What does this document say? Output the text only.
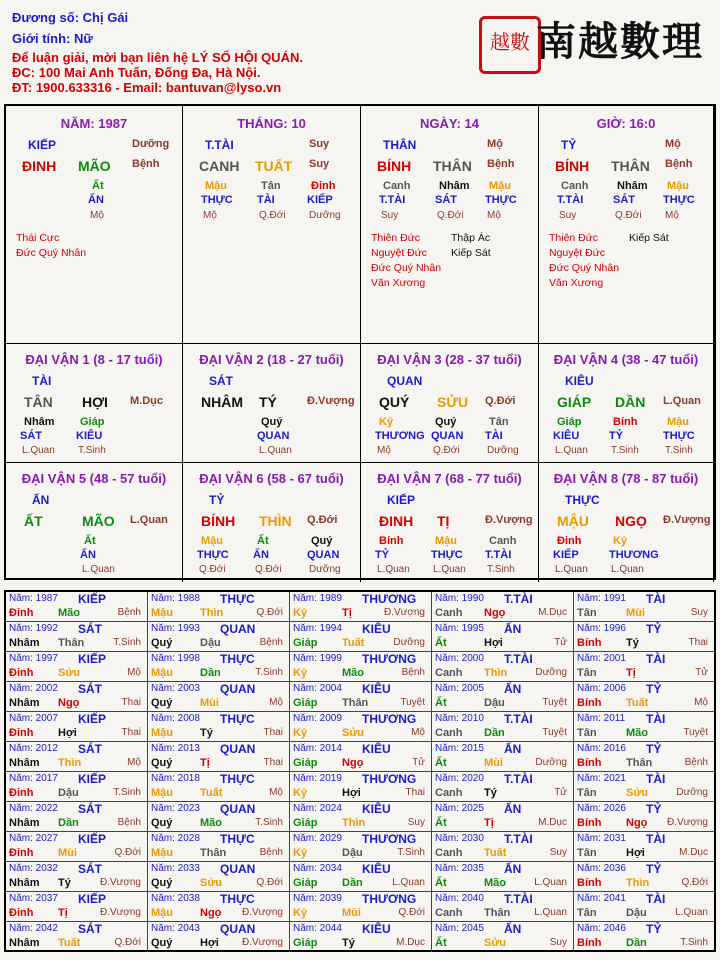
Đương số: Chị Gái
Giới tính: Nữ
Để luận giải, mời bạn liên hệ LÝ SỐ HỘI QUÁN.
ĐC: 100 Mai Anh Tuấn, Đống Đa, Hà Nội.
ĐT: 1900.633316 - Email: bantuvan@lyso.vn
越數 南越數理
NĂM: 1987
KIẾP	Dưỡng
ĐINH MÃO Bệnh
Ất
ẤN
Mộ
Thái Cực
Đức Quý Nhân
THÁNG: 10
T.TÀI	Suy
CANH TUẤT Suy
Mậu	Tân	Đinh
THỰC TÀI	KIẾP
Mộ	Q.Đới Dưỡng
NGÀY: 14
THÂN	Mộ
BÍNH THÂN Bệnh
Canh	Nhâm Mậu
T.TÀI	SÁT	THỰC
Suy	Q.Đới Mộ
Thiên Đức	Thập Ác
Nguyệt Đức Kiếp Sát
Đức Quý Nhân
Văn Xương
GIỜ: 16:0
TỶ	Mộ
BÍNH THÂN Bệnh
Canh	Nhâm Mậu
T.TÀI	SÁT	THỰC
Suy	Q.Đới Mộ
Thiên Đức	Kiếp Sát
Nguyệt Đức
Đức Quý Nhân
Văn Xương
ĐẠI VẬN 1 (8 - 17 tuổi)
TÀI
TÂN HỢI M.Dục
Nhâm Giáp
SÁT	KIÊU
L.Quan T.Sinh
ĐẠI VẬN 2 (18 - 27 tuổi)
SÁT
NHÂM TÝ	Đ.Vượng
Quý
QUAN
L.Quan
ĐẠI VẬN 3 (28 - 37 tuổi)
QUAN
QUÝ SỬU Q.Đới
Kỷ	Quý	Tân
THƯƠNG QUAN TÀI
Mộ	Q.Đới	Dưỡng
ĐẠI VẬN 4 (38 - 47 tuổi)
KIÊU
GIÁP DẦN L.Quan
Giáp	Bính	Mậu
KIÊU	TỶ	THỰC
L.Quan T.Sinh	T.Sinh
ĐẠI VẬN 5 (48 - 57 tuổi)
ẤN
ẤT	MÃO L.Quan
Ất
ẤN
L.Quan
ĐẠI VẬN 6 (58 - 67 tuổi)
TỶ
BÍNH THÌN Q.Đới
Mậu	Ất	Quý
THỰC ẤN	QUAN
Q.Đới	Q.Đới	Dưỡng
ĐẠI VẬN 7 (68 - 77 tuổi)
KIẾP
ĐINH TỊ	Đ.Vượng
Bính	Mậu	Canh
TỶ	THỰC T.TÀI
L.Quan L.Quan T.Sinh
ĐẠI VẬN 8 (78 - 87 tuổi)
THỰC
MẬU NGỌ Đ.Vượng
Đinh	Kỷ
KIẾP	THƯƠNG
L.Quan L.Quan
Năm: 1987 KIẾP
Đinh Mão	Bệnh
Năm: 1988 THỰC
Mậu Thìn	Q.Đới
Năm: 1989 THƯƠNG
Kỷ	Tị	Đ.Vượng
Năm: 1990 T.TÀI
Canh Ngọ	M.Dục
Năm: 1991 TÀI
Tân	Mùi	Suy
Năm: 1992 SÁT
Nhâm Thân	T.Sinh
Năm: 1993 QUAN
Quý	Dậu	Bệnh
Năm: 1994 KIÊU
Giáp Tuất	Dưỡng
Năm: 1995 ẤN
Ất	Hợi	Tử
Năm: 1996 TỶ
Bính Tý	Thai
Năm: 1997 KIẾP
Đinh Sửu	Mộ
Năm: 1998 THỰC
Mậu Dần	T.Sinh
Năm: 1999 THƯƠNG
Kỷ	Mão	Bệnh
Năm: 2000 T.TÀI
Canh Thìn	Dưỡng
Năm: 2001 TÀI
Tân	Tị	Tử
Năm: 2002 SÁT
Nhâm Ngọ	Thai
Năm: 2003 QUAN
Quý	Mùi	Mộ
Năm: 2004 KIÊU
Giáp Thân	Tuyệt
Năm: 2005 ẤN
Ất	Dậu	Tuyệt
Năm: 2006 TỶ
Bính Tuất	Mộ
Năm: 2007 KIẾP
Đinh Hợi	Thai
Năm: 2008 THỰC
Mậu Tý	Thai
Năm: 2009 THƯƠNG
Kỷ	Sửu	Mộ
Năm: 2010 T.TÀI
Canh Dần	Tuyệt
Năm: 2011 TÀI
Tân	Mão	Tuyệt
Năm: 2012 SÁT
Nhâm Thìn	Mộ
Năm: 2013 QUAN
Quý	Tị	Thai
Năm: 2014 KIÊU
Giáp Ngọ	Tử
Năm: 2015 ẤN
Ất	Mùi	Dưỡng
Năm: 2016 TỶ
Bính Thân	Bệnh
Năm: 2017 KIẾP
Đinh Dậu	T.Sinh
Năm: 2018 THỰC
Mậu Tuất	Mộ
Năm: 2019 THƯƠNG
Kỷ	Hợi	Thai
Năm: 2020 T.TÀI
Canh Tý	Tử
Năm: 2021 TÀI
Tân	Sửu	Dưỡng
Năm: 2022 SÁT
Nhâm Dần	Bệnh
Năm: 2023 QUAN
Quý	Mão	T.Sinh
Năm: 2024 KIÊU
Giáp Thìn	Suy
Năm: 2025 ẤN
Ất	Tị	M.Dục
Năm: 2026 TỶ
Bính Ngọ Đ.Vượng
Năm: 2027 KIẾP
Đinh Mùi	Q.Đới
Năm: 2028 THỰC
Mậu Thân	Bệnh
Năm: 2029 THƯƠNG
Kỷ	Dậu	T.Sinh
Năm: 2030 T.TÀI
Canh Tuất	Suy
Năm: 2031 TÀI
Tân	Hợi	M.Dục
Năm: 2032 SÁT
Nhâm Tý	Đ.Vượng
Năm: 2033 QUAN
Quý	Sửu	Q.Đới
Năm: 2034 KIÊU
Giáp Dần	L.Quan
Năm: 2035 ẤN
Ất	Mão	L.Quan
Năm: 2036 TỶ
Bính Thìn	Q.Đới
Năm: 2037 KIẾP
Đinh Tị	Đ.Vượng
Năm: 2038 THỰC
Mậu Ngọ Đ.Vượng
Năm: 2039 THƯƠNG
Kỷ	Mùi	Q.Đới
Năm: 2040 T.TÀI
Canh Thân L.Quan
Năm: 2041 TÀI
Tân	Dậu	L.Quan
Năm: 2042 SÁT
Nhâm Tuất	Q.Đới
Năm: 2043 QUAN
Quý	Hợi Đ.Vượng
Năm: 2044 KIÊU
Giáp Tý	M.Dục
Năm: 2045 ẤN
Ất	Sửu	Suy
Năm: 2046 TỶ
Bính Dần	T.Sinh
